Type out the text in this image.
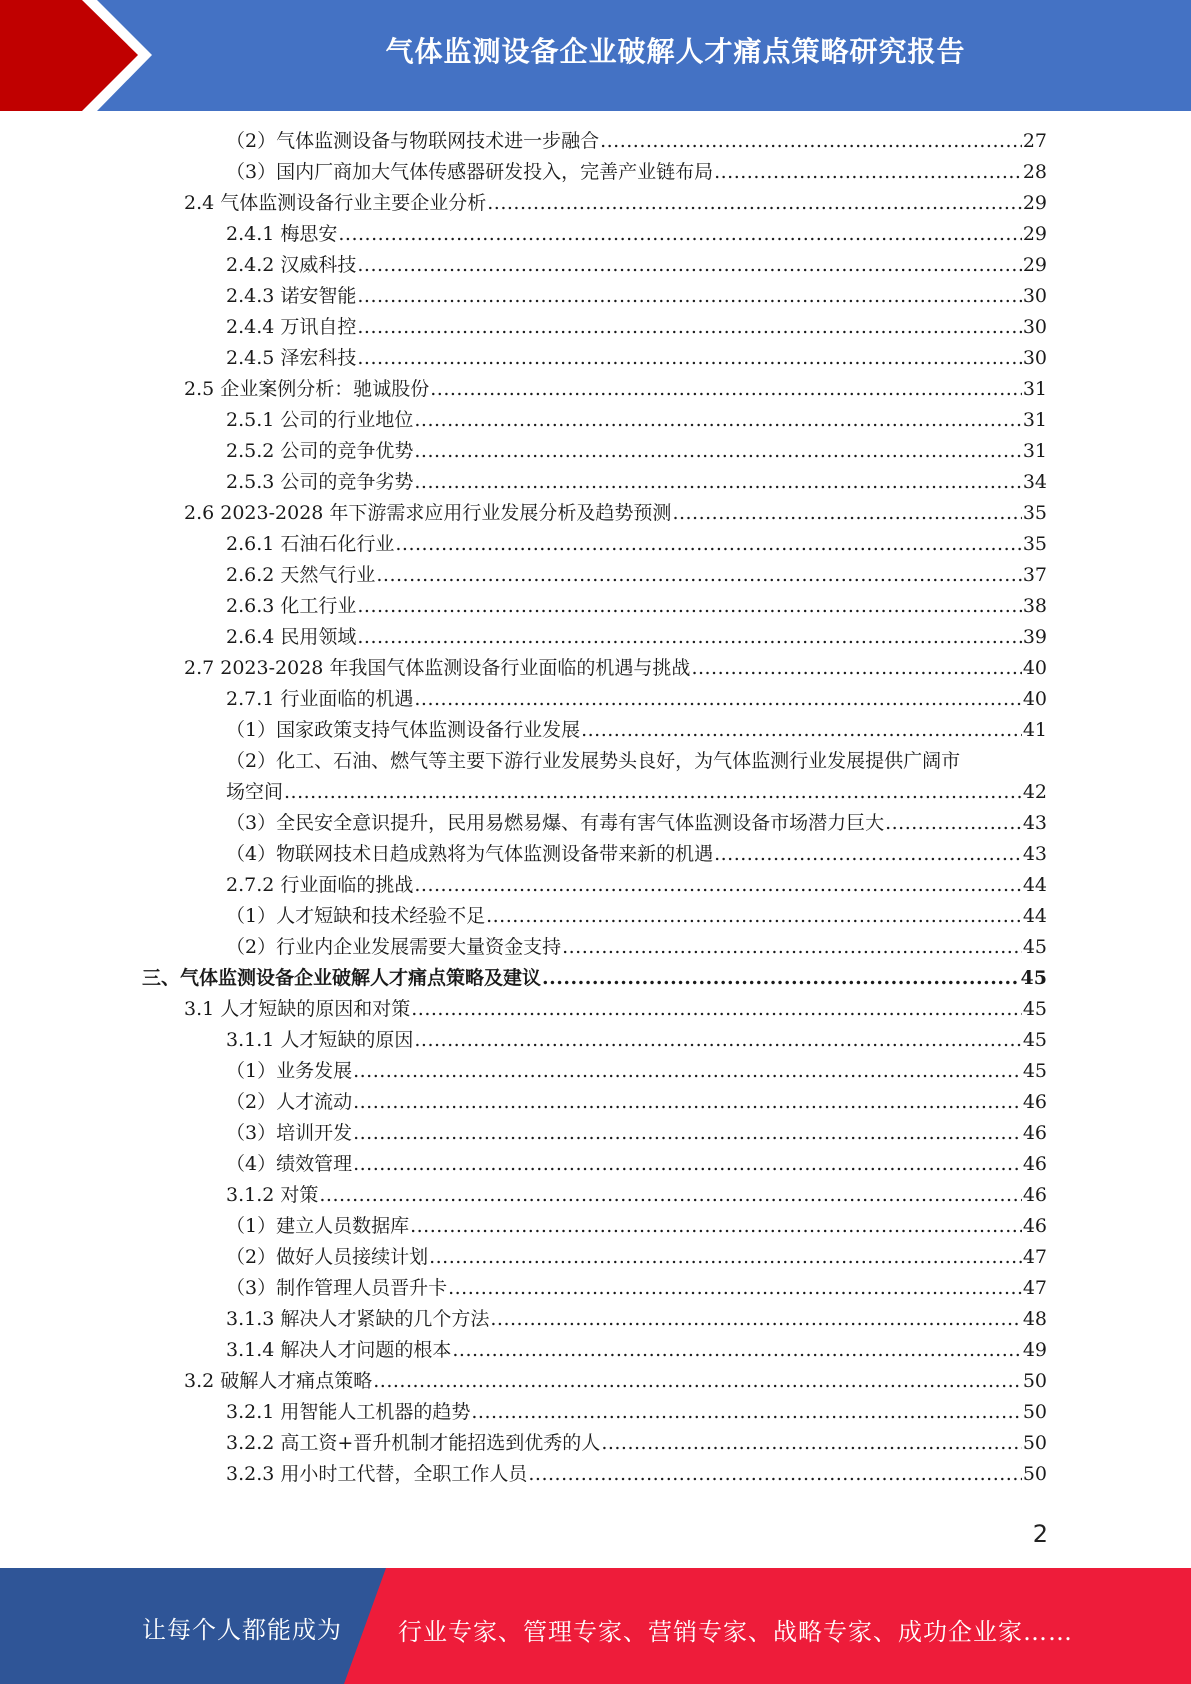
气体监测设备企业破解人才痛点策略研究报告
（2）气体监测设备与物联网技术进一步融合 .....	27
（3）国内厂商加大气体传感器研发投入，完善产业链布局 .....	28
2.4 气体监测设备行业主要企业分析 .....	29
2.4.1 梅思安 .....	29
2.4.2 汉威科技 .....	29
2.4.3 诺安智能 .....	30
2.4.4 万讯自控 .....	30
2.4.5 泽宏科技 .....	30
2.5 企业案例分析：驰诚股份 .....	31
2.5.1 公司的行业地位 .....	31
2.5.2 公司的竞争优势 .....	31
2.5.3 公司的竞争劣势 .....	34
2.6 2023-2028 年下游需求应用行业发展分析及趋势预测 .....	35
2.6.1 石油石化行业 .....	35
2.6.2 天然气行业 .....	37
2.6.3 化工行业 .....	38
2.6.4 民用领域 .....	39
2.7 2023-2028 年我国气体监测设备行业面临的机遇与挑战 .....	40
2.7.1 行业面临的机遇 .....	40
（1）国家政策支持气体监测设备行业发展 .....	41
（2）化工、石油、燃气等主要下游行业发展势头良好，为气体监测行业发展提供广阔市
场空间 .....	42
（3）全民安全意识提升，民用易燃易爆、有毒有害气体监测设备市场潜力巨大 .....	43
（4）物联网技术日趋成熟将为气体监测设备带来新的机遇 .....	43
2.7.2 行业面临的挑战 .....	44
（1）人才短缺和技术经验不足 .....	44
（2）行业内企业发展需要大量资金支持 .....	45
三、气体监测设备企业破解人才痛点策略及建议 .....	45
3.1 人才短缺的原因和对策 .....	45
3.1.1 人才短缺的原因 .....	45
（1）业务发展 .....	45
（2）人才流动 .....	46
（3）培训开发 .....	46
（4）绩效管理 .....	46
3.1.2 对策 .....	46
（1）建立人员数据库 .....	46
（2）做好人员接续计划 .....	47
（3）制作管理人员晋升卡 .....	47
3.1.3 解决人才紧缺的几个方法 .....	48
3.1.4 解决人才问题的根本 .....	49
3.2 破解人才痛点策略 .....	50
3.2.1 用智能人工机器的趋势 .....	50
3.2.2 高工资+晋升机制才能招选到优秀的人 .....	50
3.2.3 用小时工代替，全职工作人员 .....	50
2
让每个人都能成为 行业专家、管理专家、营销专家、战略专家、成功企业家……
